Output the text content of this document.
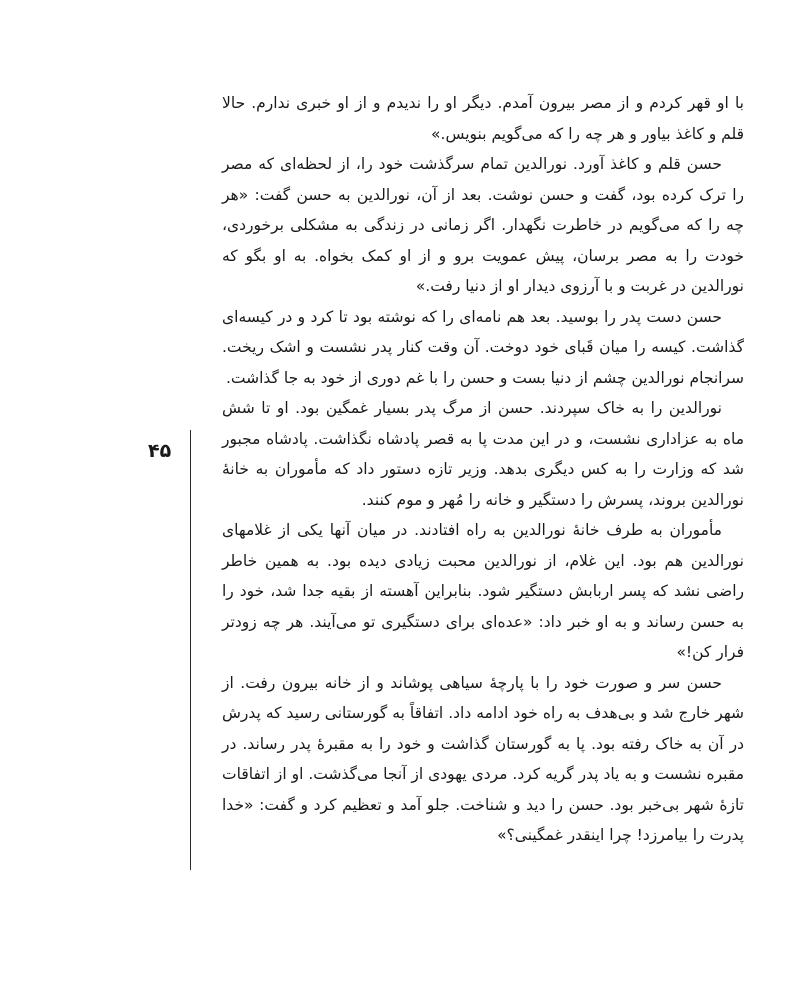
۴۵

با او قهر کردم و از مصر بیرون آمدم. دیگر او را ندیدم و از او خبری ندارم. حالا قلم و کاغذ بیاور و هر چه را که می‌گویم بنویس.»

حسن قلم و کاغذ آورد. نورالدین تمام سرگذشت خود را، از لحظه‌ای که مصر را ترک کرده بود، گفت و حسن نوشت. بعد از آن، نورالدین به حسن گفت: «هر چه را که می‌گویم در خاطرت نگهدار. اگر زمانی در زندگی به مشکلی برخوردی، خودت را به مصر برسان، پیش عمویت برو و از او کمک بخواه. به او بگو که نورالدین در غربت و با آرزوی دیدار او از دنیا رفت.»

حسن دست پدر را بوسید. بعد هم نامه‌ای را که نوشته بود تا کرد و در کیسه‌ای گذاشت. کیسه را میان قَبای خود دوخت. آن وقت کنار پدر نشست و اشک ریخت. سرانجام نورالدین چشم از دنیا بست و حسن را با غم دوری از خود به جا گذاشت.

نورالدین را به خاک سپردند. حسن از مرگ پدر بسیار غمگین بود. او تا شش ماه به عزاداری نشست، و در این مدت پا به قصر پادشاه نگذاشت. پادشاه مجبور شد که وزارت را به کس دیگری بدهد. وزیر تازه دستور داد که مأموران به خانهٔ نورالدین بروند، پسرش را دستگیر و خانه را مُهر و موم کنند.

مأموران به طرف خانهٔ نورالدین به راه افتادند. در میان آنها یکی از غلامهای نورالدین هم بود. این غلام، از نورالدین محبت زیادی دیده بود. به همین خاطر راضی نشد که پسر اربابش دستگیر شود. بنابراین آهسته از بقیه جدا شد، خود را به حسن رساند و به او خبر داد: «عده‌ای برای دستگیری تو می‌آیند. هر چه زودتر فرار کن!»

حسن سر و صورت خود را با پارچهٔ سیاهی پوشاند و از خانه بیرون رفت. از شهر خارج شد و بی‌هدف به راه خود ادامه داد. اتفاقاً به گورستانی رسید که پدرش در آن به خاک رفته بود. پا به گورستان گذاشت و خود را به مقبرهٔ پدر رساند. در مقبره نشست و به یاد پدر گریه کرد. مردی یهودی از آنجا می‌گذشت. او از اتفاقات تازهٔ شهر بی‌خبر بود. حسن را دید و شناخت. جلو آمد و تعظیم کرد و گفت: «خدا پدرت را بیامرزد! چرا اینقدر غمگینی؟»
